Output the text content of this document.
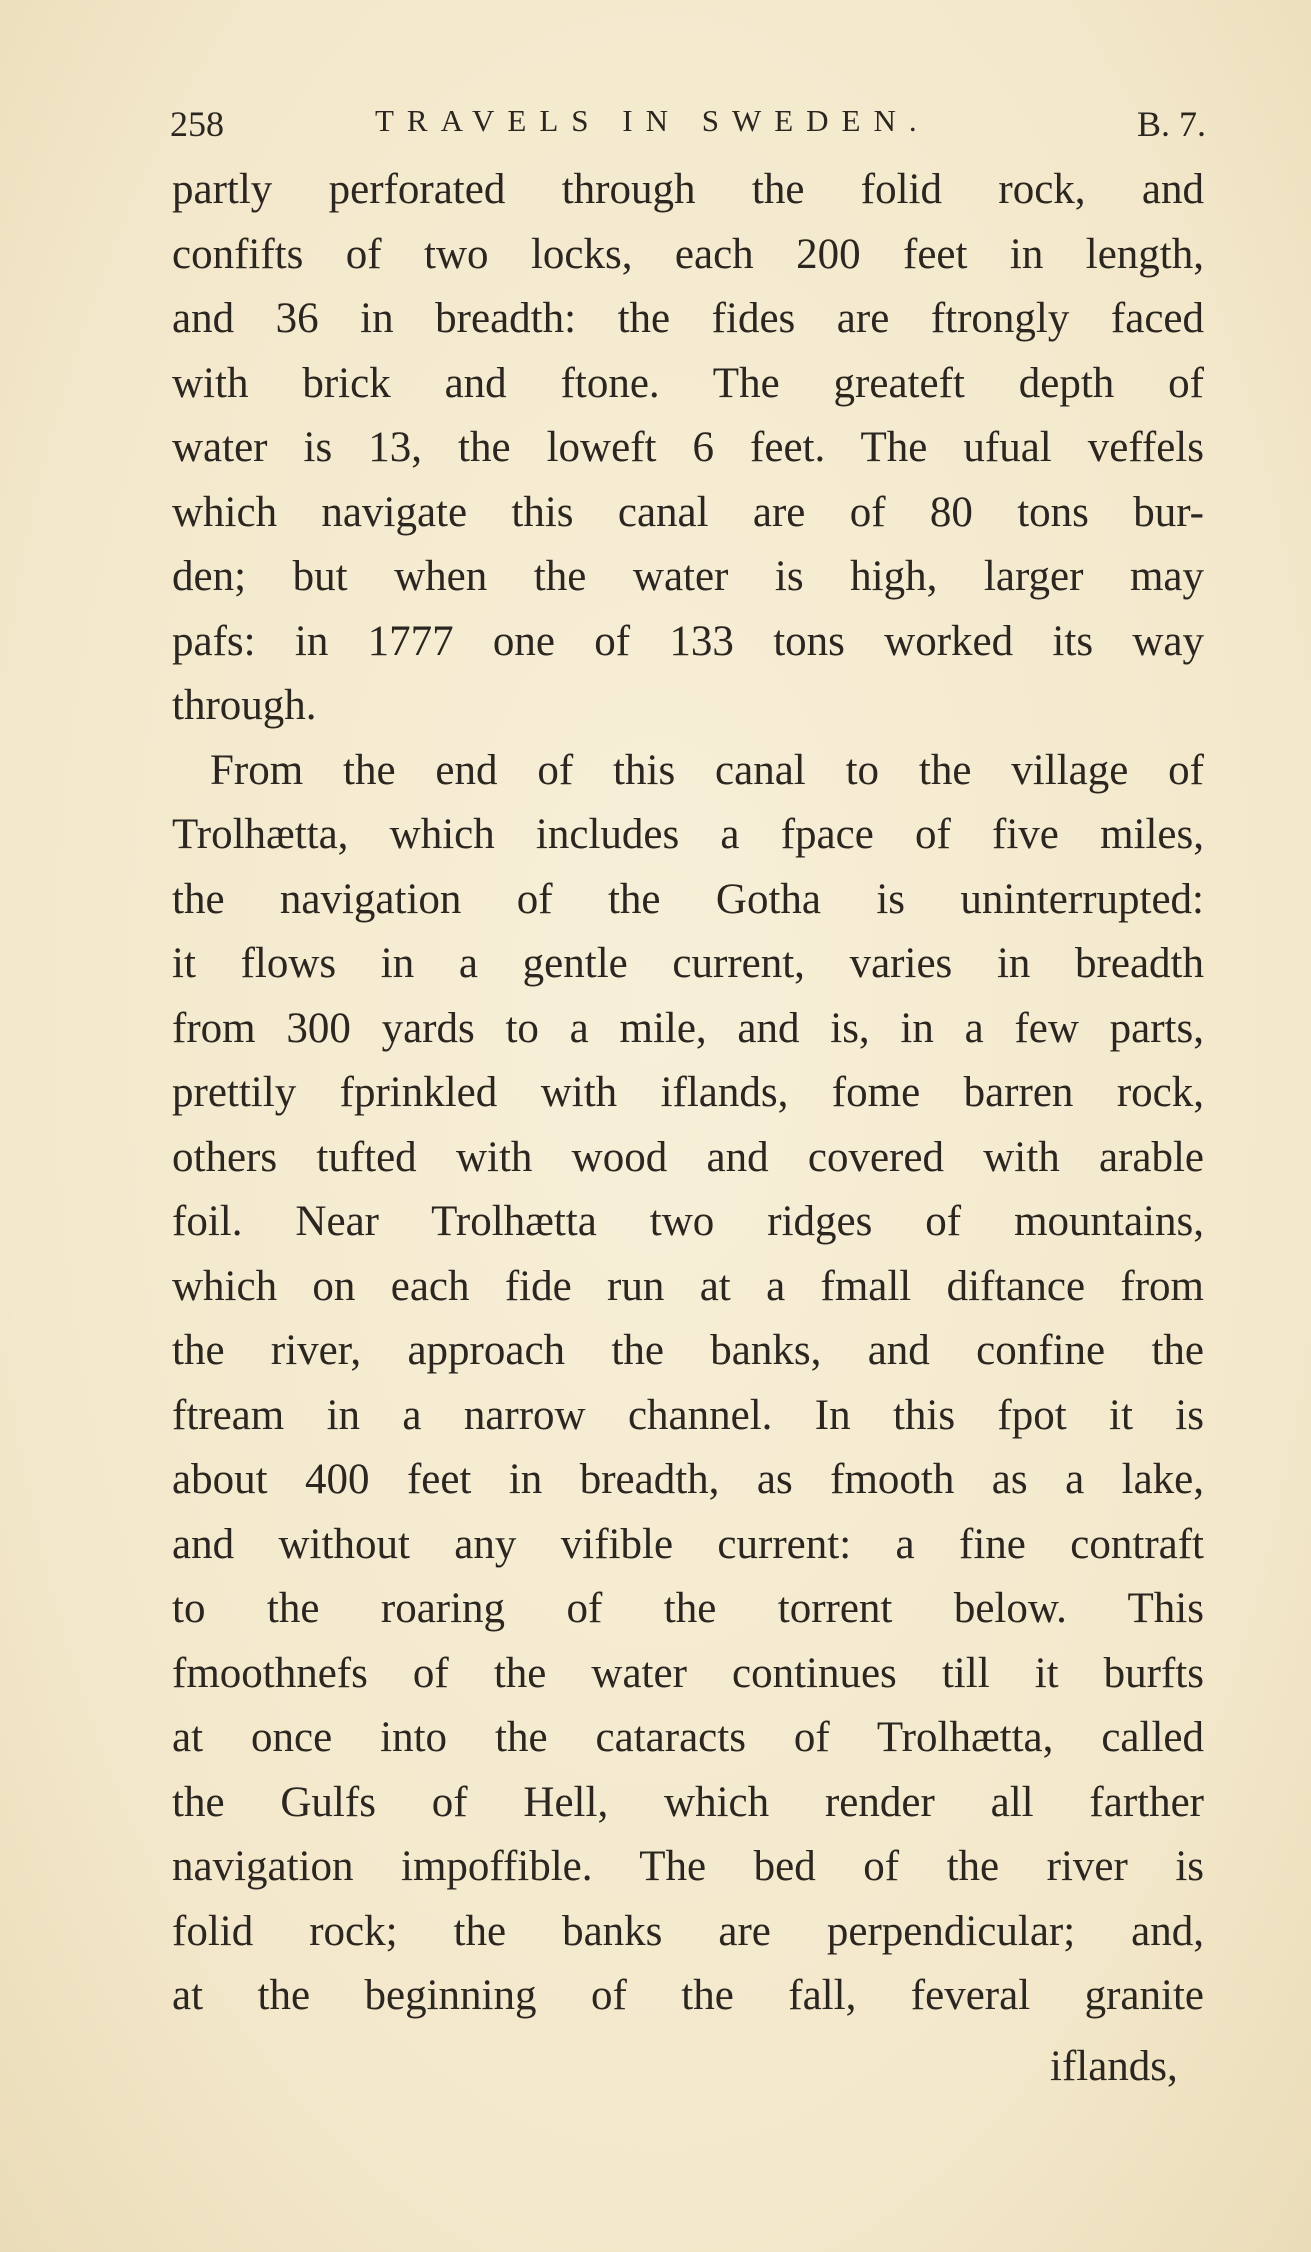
258	TRAVELS IN SWEDEN.	B. 7.
partly perforated through the folid rock, and
confifts of two locks, each 200 feet in length,
and 36 in breadth: the fides are ftrongly faced
with brick and ftone. The greateft depth of
water is 13, the loweft 6 feet. The ufual veffels
which navigate this canal are of 80 tons bur-
den; but when the water is high, larger may
pafs: in 1777 one of 133 tons worked its way
through.
From the end of this canal to the village of
Trolhætta, which includes a fpace of five miles,
the navigation of the Gotha is uninterrupted:
it flows in a gentle current, varies in breadth
from 300 yards to a mile, and is, in a few parts,
prettily fprinkled with iflands, fome barren rock,
others tufted with wood and covered with arable
foil. Near Trolhætta two ridges of mountains,
which on each fide run at a fmall diftance from
the river, approach the banks, and confine the
ftream in a narrow channel. In this fpot it is
about 400 feet in breadth, as fmooth as a lake,
and without any vifible current: a fine contraft
to the roaring of the torrent below. This
fmoothnefs of the water continues till it burfts
at once into the cataracts of Trolhætta, called
the Gulfs of Hell, which render all farther
navigation impoffible. The bed of the river is
folid rock; the banks are perpendicular; and,
at the beginning of the fall, feveral granite
iflands,
